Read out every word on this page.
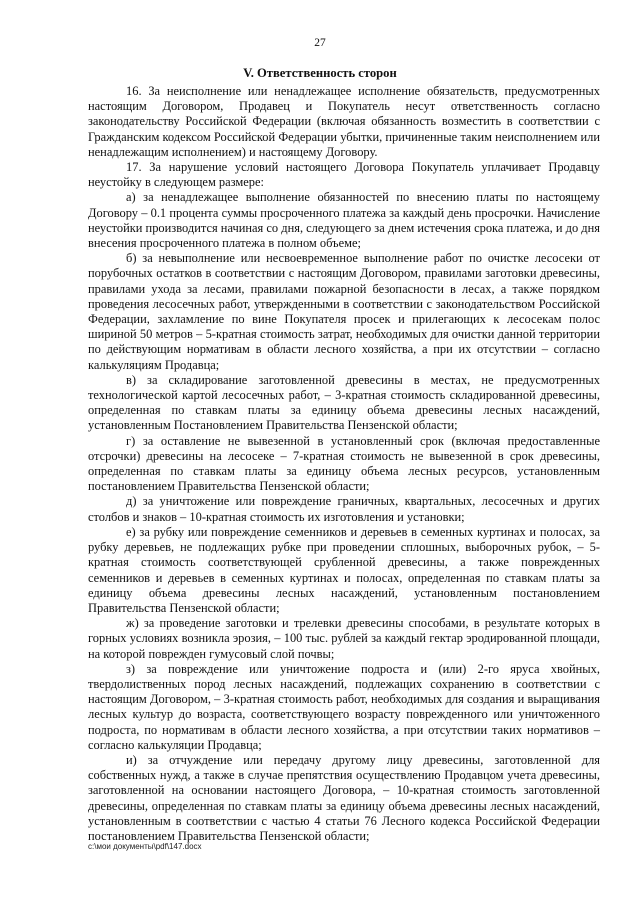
27
V. Ответственность сторон

16. За неисполнение или ненадлежащее исполнение обязательств, предусмотренных настоящим Договором, Продавец и Покупатель несут ответственность согласно законодательству Российской Федерации (включая обязанность возместить в соответствии с Гражданским кодексом Российской Федерации убытки, причиненные таким неисполнением или ненадлежащим исполнением) и настоящему Договору.

17. За нарушение условий настоящего Договора Покупатель уплачивает Продавцу неустойку в следующем размере:

а) за ненадлежащее выполнение обязанностей по внесению платы по настоящему Договору – 0.1 процента суммы просроченного платежа за каждый день просрочки. Начисление неустойки производится начиная со дня, следующего за днем истечения срока платежа, и до дня внесения просроченного платежа в полном объеме;

б) за невыполнение или несвоевременное выполнение работ по очистке лесосеки от порубочных остатков в соответствии с настоящим Договором, правилами заготовки древесины, правилами ухода за лесами, правилами пожарной безопасности в лесах, а также порядком проведения лесосечных работ, утвержденными в соответствии с законодательством Российской Федерации, захламление по вине Покупателя просек и прилегающих к лесосекам полос шириной 50 метров – 5-кратная стоимость затрат, необходимых для очистки данной территории по действующим нормативам в области лесного хозяйства, а при их отсутствии – согласно калькуляциям Продавца;

в) за складирование заготовленной древесины в местах, не предусмотренных технологической картой лесосечных работ, – 3-кратная стоимость складированной древесины, определенная по ставкам платы за единицу объема древесины лесных насаждений, установленным Постановлением Правительства Пензенской области;

г) за оставление не вывезенной в установленный срок (включая предоставленные отсрочки) древесины на лесосеке – 7-кратная стоимость не вывезенной в срок древесины, определенная по ставкам платы за единицу объема лесных ресурсов, установленным постановлением Правительства Пензенской области;

д) за уничтожение или повреждение граничных, квартальных, лесосечных и других столбов и знаков – 10-кратная стоимость их изготовления и установки;

е) за рубку или повреждение семенников и деревьев в семенных куртинах и полосах, за рубку деревьев, не подлежащих рубке при проведении сплошных, выборочных рубок, – 5-кратная стоимость соответствующей срубленной древесины, а также поврежденных семенников и деревьев в семенных куртинах и полосах, определенная по ставкам платы за единицу объема древесины лесных насаждений, установленным постановлением Правительства Пензенской области;

ж) за проведение заготовки и трелевки древесины способами, в результате которых в горных условиях возникла эрозия, – 100 тыс. рублей за каждый гектар эродированной площади, на которой поврежден гумусовый слой почвы;

з) за повреждение или уничтожение подроста и (или) 2-го яруса хвойных, твердолиственных пород лесных насаждений, подлежащих сохранению в соответствии с настоящим Договором, – 3-кратная стоимость работ, необходимых для создания и выращивания лесных культур до возраста, соответствующего возрасту поврежденного или уничтоженного подроста, по нормативам в области лесного хозяйства, а при отсутствии таких нормативов – согласно калькуляции Продавца;

и) за отчуждение или передачу другому лицу древесины, заготовленной для собственных нужд, а также в случае препятствия осуществлению Продавцом учета древесины, заготовленной на основании настоящего Договора, – 10-кратная стоимость заготовленной древесины, определенная по ставкам платы за единицу объема древесины лесных насаждений, установленным в соответствии с частью 4 статьи 76 Лесного кодекса Российской Федерации постановлением Правительства Пензенской области;

c:\мои документы\pdf\147.docx
